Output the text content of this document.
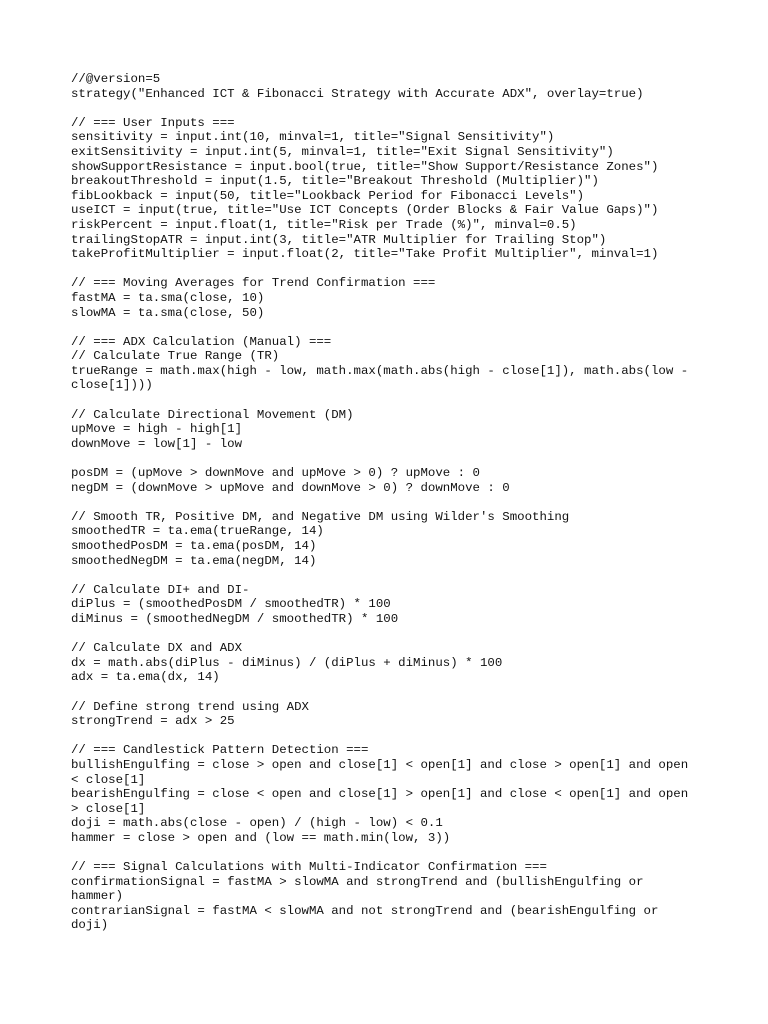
//@version=5
strategy("Enhanced ICT & Fibonacci Strategy with Accurate ADX", overlay=true)
// === User Inputs ===
sensitivity = input.int(10, minval=1, title="Signal Sensitivity")
exitSensitivity = input.int(5, minval=1, title="Exit Signal Sensitivity")
showSupportResistance = input.bool(true, title="Show Support/Resistance Zones")
breakoutThreshold = input(1.5, title="Breakout Threshold (Multiplier)")
fibLookback = input(50, title="Lookback Period for Fibonacci Levels")
useICT = input(true, title="Use ICT Concepts (Order Blocks & Fair Value Gaps)")
riskPercent = input.float(1, title="Risk per Trade (%)", minval=0.5)
trailingStopATR = input.int(3, title="ATR Multiplier for Trailing Stop")
takeProfitMultiplier = input.float(2, title="Take Profit Multiplier", minval=1)
// === Moving Averages for Trend Confirmation ===
fastMA = ta.sma(close, 10)
slowMA = ta.sma(close, 50)
// === ADX Calculation (Manual) ===
// Calculate True Range (TR)
trueRange = math.max(high - low, math.max(math.abs(high - close[1]), math.abs(low -
close[1])))
// Calculate Directional Movement (DM)
upMove = high - high[1]
downMove = low[1] - low
posDM = (upMove > downMove and upMove > 0) ? upMove : 0
negDM = (downMove > upMove and downMove > 0) ? downMove : 0
// Smooth TR, Positive DM, and Negative DM using Wilder's Smoothing
smoothedTR = ta.ema(trueRange, 14)
smoothedPosDM = ta.ema(posDM, 14)
smoothedNegDM = ta.ema(negDM, 14)
// Calculate DI+ and DI-
diPlus = (smoothedPosDM / smoothedTR) * 100
diMinus = (smoothedNegDM / smoothedTR) * 100
// Calculate DX and ADX
dx = math.abs(diPlus - diMinus) / (diPlus + diMinus) * 100
adx = ta.ema(dx, 14)
// Define strong trend using ADX
strongTrend = adx > 25
// === Candlestick Pattern Detection ===
bullishEngulfing = close > open and close[1] < open[1] and close > open[1] and open
< close[1]
bearishEngulfing = close < open and close[1] > open[1] and close < open[1] and open
> close[1]
doji = math.abs(close - open) / (high - low) < 0.1
hammer = close > open and (low == math.min(low, 3))
// === Signal Calculations with Multi-Indicator Confirmation ===
confirmationSignal = fastMA > slowMA and strongTrend and (bullishEngulfing or
hammer)
contrarianSignal = fastMA < slowMA and not strongTrend and (bearishEngulfing or
doji)
